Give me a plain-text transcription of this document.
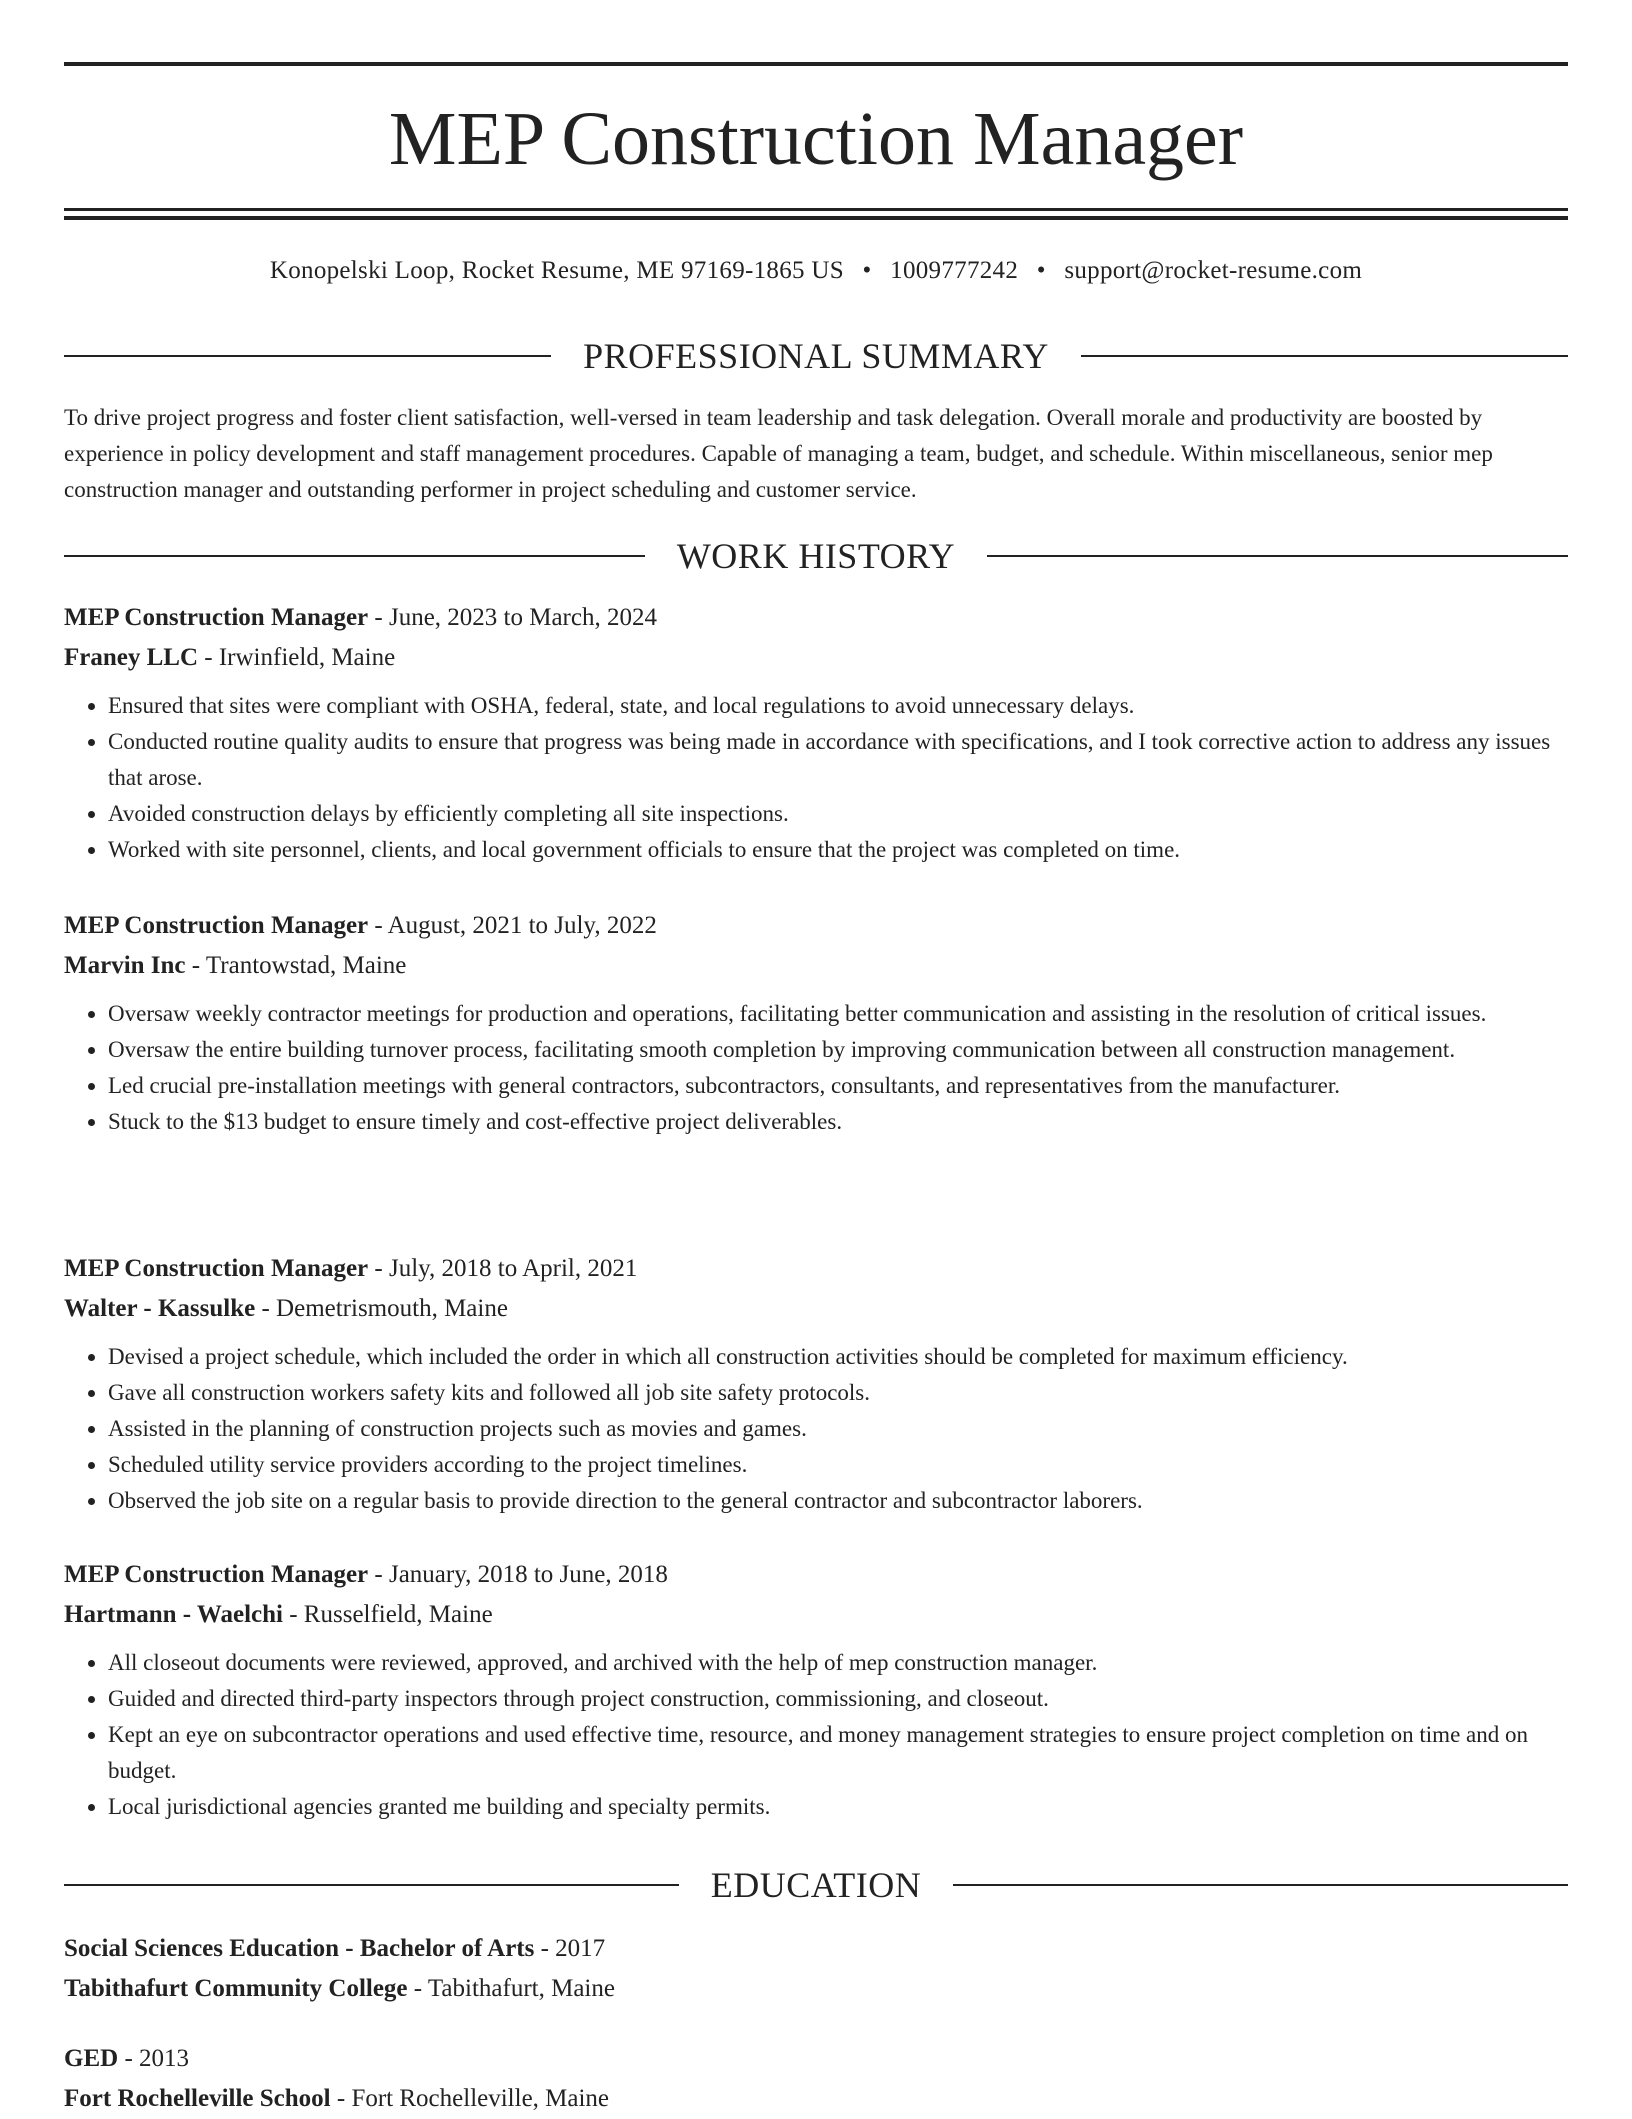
MEP Construction Manager
Konopelski Loop, Rocket Resume, ME 97169-1865 US • 1009777242 • support@rocket-resume.com
PROFESSIONAL SUMMARY

To drive project progress and foster client satisfaction, well-versed in team leadership and task delegation. Overall morale and productivity are boosted by experience in policy development and staff management procedures. Capable of managing a team, budget, and schedule. Within miscellaneous, senior mep construction manager and outstanding performer in project scheduling and customer service.

WORK HISTORY
MEP Construction Manager - June, 2023 to March, 2024
Franey LLC - Irwinfield, Maine
• Ensured that sites were compliant with OSHA, federal, state, and local regulations to avoid unnecessary delays.
• Conducted routine quality audits to ensure that progress was being made in accordance with specifications, and I took corrective action to address any issues that arose.
• Avoided construction delays by efficiently completing all site inspections.
• Worked with site personnel, clients, and local government officials to ensure that the project was completed on time.
MEP Construction Manager - August, 2021 to July, 2022
Marvin Inc - Trantowstad, Maine
• Oversaw weekly contractor meetings for production and operations, facilitating better communication and assisting in the resolution of critical issues.
• Oversaw the entire building turnover process, facilitating smooth completion by improving communication between all construction management.
• Led crucial pre-installation meetings with general contractors, subcontractors, consultants, and representatives from the manufacturer.
• Stuck to the $13 budget to ensure timely and cost-effective project deliverables.
MEP Construction Manager - July, 2018 to April, 2021
Walter - Kassulke - Demetrismouth, Maine
• Devised a project schedule, which included the order in which all construction activities should be completed for maximum efficiency.
• Gave all construction workers safety kits and followed all job site safety protocols.
• Assisted in the planning of construction projects such as movies and games.
• Scheduled utility service providers according to the project timelines.
• Observed the job site on a regular basis to provide direction to the general contractor and subcontractor laborers.
MEP Construction Manager - January, 2018 to June, 2018
Hartmann - Waelchi - Russelfield, Maine
• All closeout documents were reviewed, approved, and archived with the help of mep construction manager.
• Guided and directed third-party inspectors through project construction, commissioning, and closeout.
• Kept an eye on subcontractor operations and used effective time, resource, and money management strategies to ensure project completion on time and on budget.
• Local jurisdictional agencies granted me building and specialty permits.
EDUCATION
Social Sciences Education - Bachelor of Arts - 2017
Tabithafurt Community College - Tabithafurt, Maine
GED - 2013
Fort Rochelleville School - Fort Rochelleville, Maine
